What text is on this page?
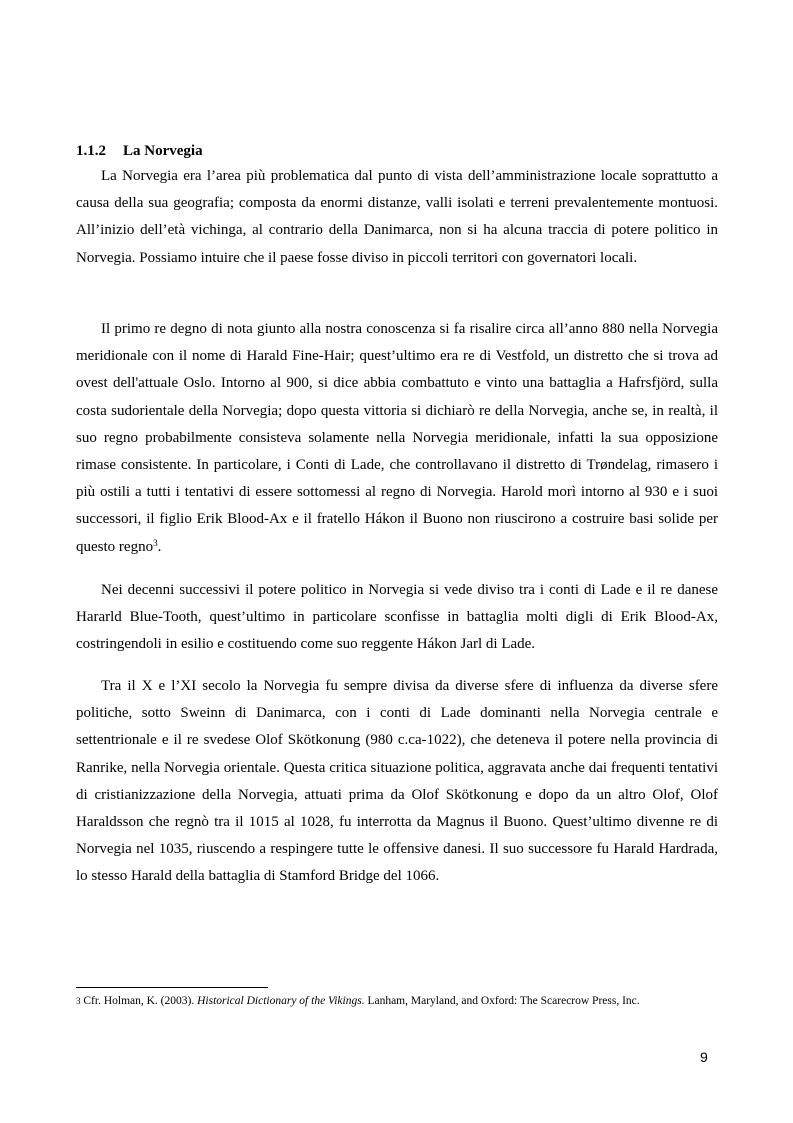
1.1.2 La Norvegia

La Norvegia era l’area più problematica dal punto di vista dell’amministrazione locale soprattutto a causa della sua geografia; composta da enormi distanze, valli isolati e terreni prevalentemente montuosi. All’inizio dell’età vichinga, al contrario della Danimarca, non si ha alcuna traccia di potere politico in Norvegia. Possiamo intuire che il paese fosse diviso in piccoli territori con governatori locali.

Il primo re degno di nota giunto alla nostra conoscenza si fa risalire circa all’anno 880 nella Norvegia meridionale con il nome di Harald Fine-Hair; quest’ultimo era re di Vestfold, un distretto che si trova ad ovest dell'attuale Oslo. Intorno al 900, si dice abbia combattuto e vinto una battaglia a Hafrsfjörd, sulla costa sudorientale della Norvegia; dopo questa vittoria si dichiarò re della Norvegia, anche se, in realtà, il suo regno probabilmente consisteva solamente nella Norvegia meridionale, infatti la sua opposizione rimase consistente. In particolare, i Conti di Lade, che controllavano il distretto di Trøndelag, rimasero i più ostili a tutti i tentativi di essere sottomessi al regno di Norvegia. Harold morì intorno al 930 e i suoi successori, il figlio Erik Blood-Ax e il fratello Hákon il Buono non riuscirono a costruire basi solide per questo regno$^3$.

Nei decenni successivi il potere politico in Norvegia si vede diviso tra i conti di Lade e il re danese Hararld Blue-Tooth, quest’ultimo in particolare sconfisse in battaglia molti digli di Erik Blood-Ax, costringendoli in esilio e costituendo come suo reggente Hákon Jarl di Lade.

Tra il X e l’XI secolo la Norvegia fu sempre divisa da diverse sfere di influenza da diverse sfere politiche, sotto Sweinn di Danimarca, con i conti di Lade dominanti nella Norvegia centrale e settentrionale e il re svedese Olof Skötkonung (980 c.ca-1022), che deteneva il potere nella provincia di Ranrike, nella Norvegia orientale. Questa critica situazione politica, aggravata anche dai frequenti tentativi di cristianizzazione della Norvegia, attuati prima da Olof Skötkonung e dopo da un altro Olof, Olof Haraldsson che regnò tra il 1015 al 1028, fu interrotta da Magnus il Buono. Quest’ultimo divenne re di Norvegia nel 1035, riuscendo a respingere tutte le offensive danesi. Il suo successore fu Harald Hardrada, lo stesso Harald della battaglia di Stamford Bridge del 1066.

3 Cfr. Holman, K. (2003). Historical Dictionary of the Vikings. Lanham, Maryland, and Oxford: The Scarecrow Press, Inc.
9
